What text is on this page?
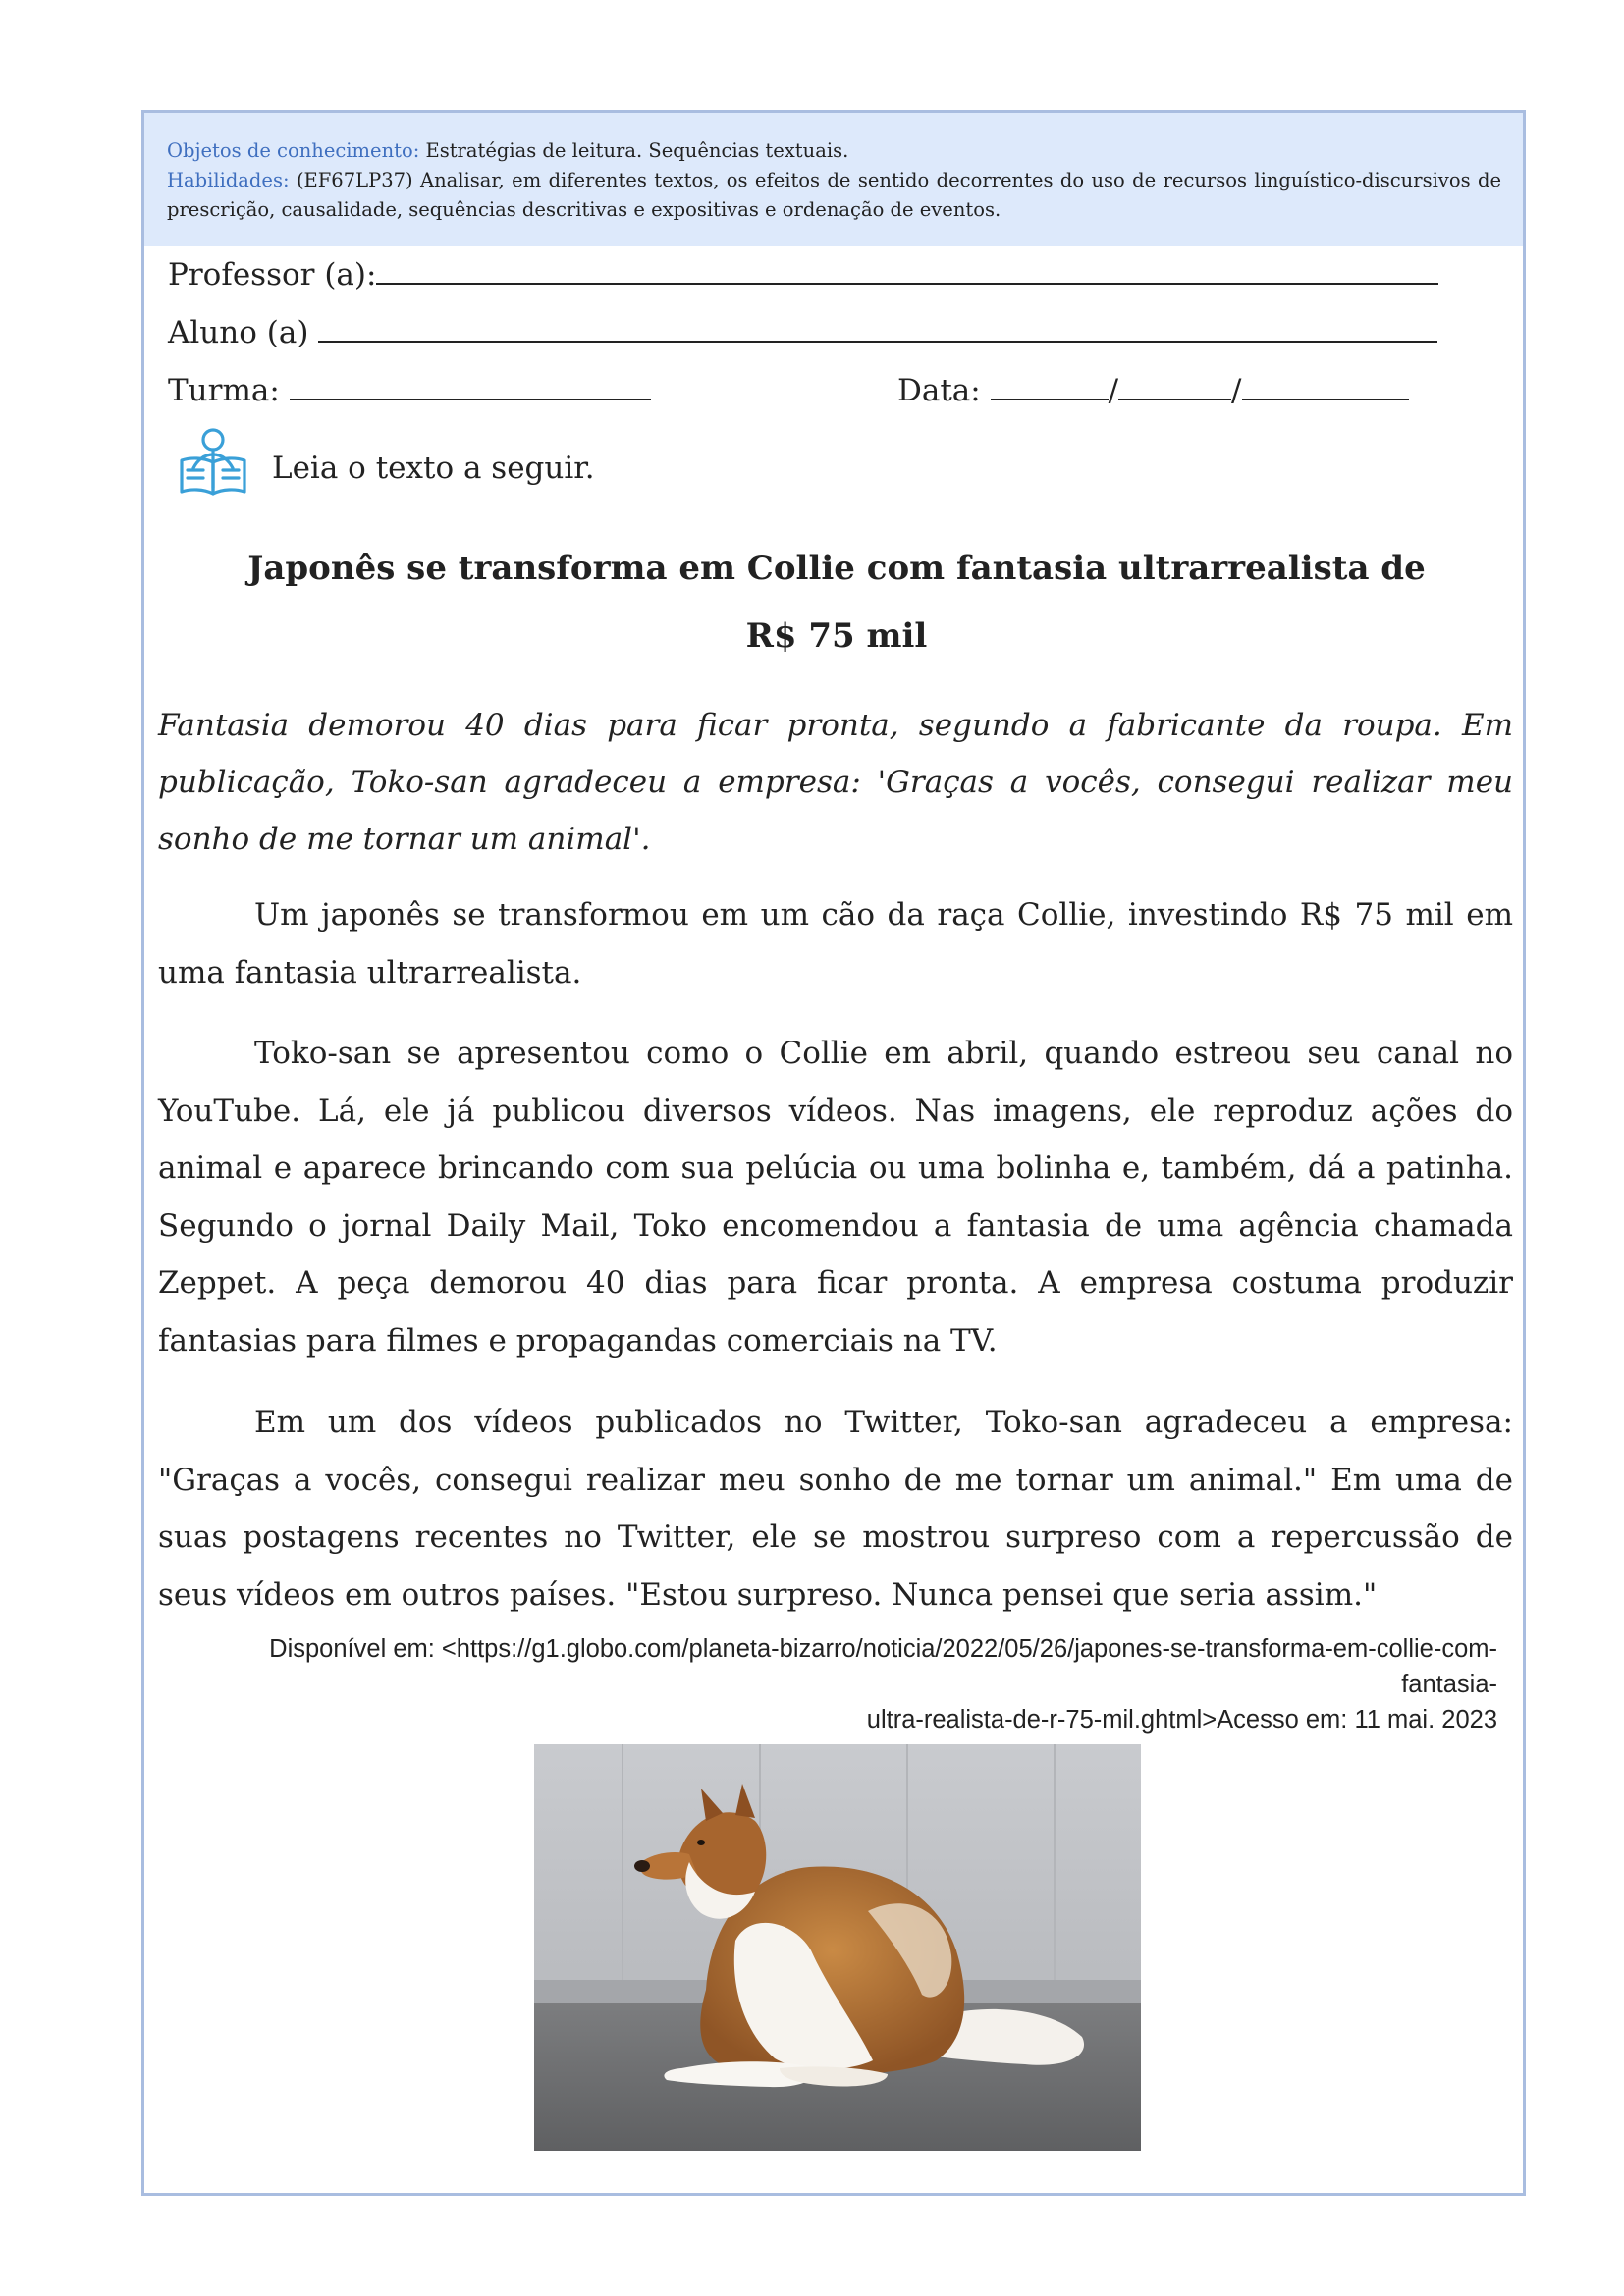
Objetos de conhecimento: Estratégias de leitura. Sequências textuais.
Habilidades: (EF67LP37) Analisar, em diferentes textos, os efeitos de sentido decorrentes do uso de recursos linguístico-discursivos de prescrição, causalidade, sequências descritivas e expositivas e ordenação de eventos.
Professor (a):
Aluno (a)
Turma:	Data:	/	/
Leia o texto a seguir.
Japonês se transforma em Collie com fantasia ultrarrealista de
R$ 75 mil
Fantasia demorou 40 dias para ficar pronta, segundo a fabricante da roupa. Em publicação, Toko-san agradeceu a empresa: 'Graças a vocês, consegui realizar meu sonho de me tornar um animal'.
Um japonês se transformou em um cão da raça Collie, investindo R$ 75 mil em uma fantasia ultrarrealista.
Toko-san se apresentou como o Collie em abril, quando estreou seu canal no YouTube. Lá, ele já publicou diversos vídeos. Nas imagens, ele reproduz ações do animal e aparece brincando com sua pelúcia ou uma bolinha e, também, dá a patinha. Segundo o jornal Daily Mail, Toko encomendou a fantasia de uma agência chamada Zeppet. A peça demorou 40 dias para ficar pronta. A empresa costuma produzir fantasias para filmes e propagandas comerciais na TV.
Em um dos vídeos publicados no Twitter, Toko-san agradeceu a empresa: "Graças a vocês, consegui realizar meu sonho de me tornar um animal." Em uma de suas postagens recentes no Twitter, ele se mostrou surpreso com a repercussão de seus vídeos em outros países. "Estou surpreso. Nunca pensei que seria assim."
Disponível em: <https://g1.globo.com/planeta-bizarro/noticia/2022/05/26/japones-se-transforma-em-collie-com-fantasia-
ultra-realista-de-r-75-mil.ghtml>Acesso em: 11 mai. 2023
